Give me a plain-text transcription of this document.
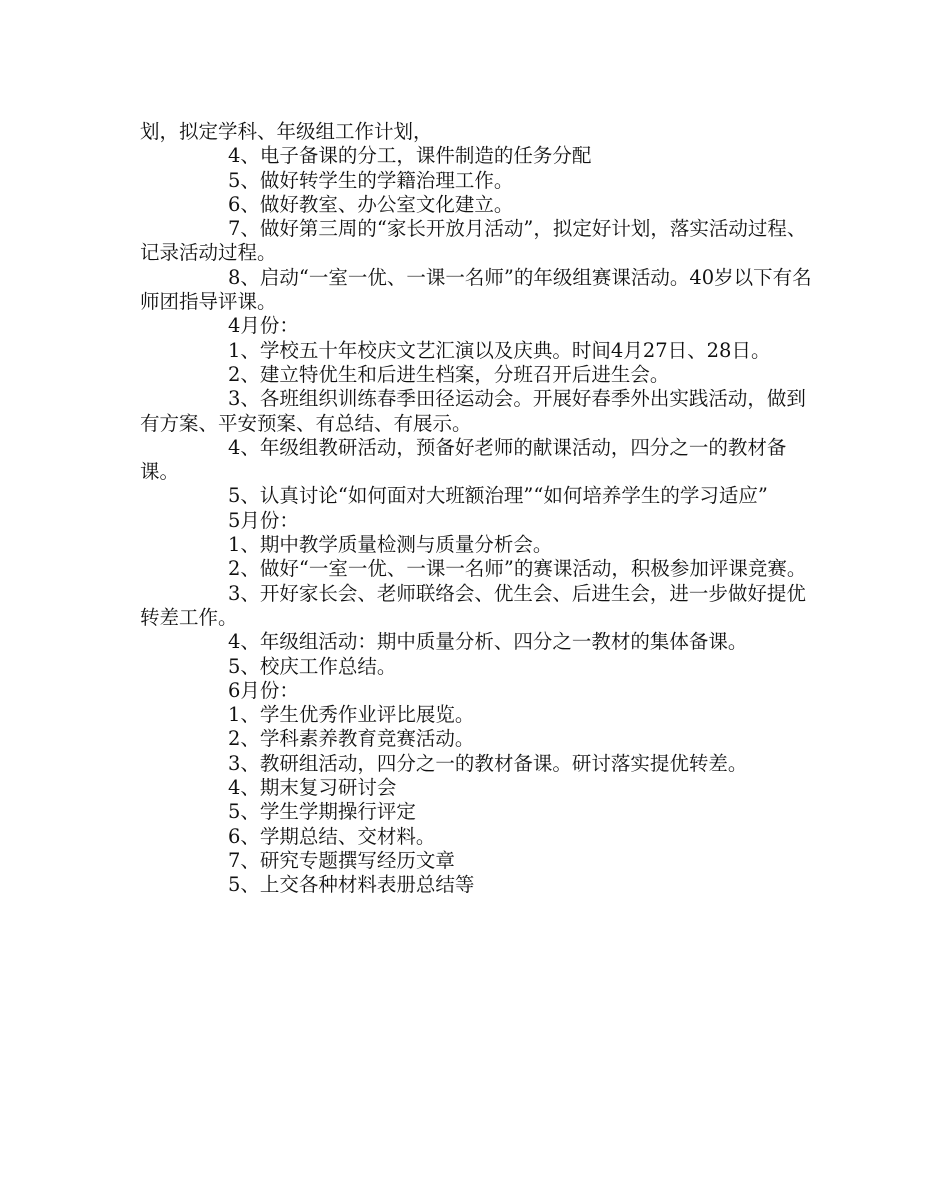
划，拟定学科、年级组工作计划，

4、电子备课的分工，课件制造的任务分配

5、做好转学生的学籍治理工作。

6、做好教室、办公室文化建立。

7、做好第三周的“家长开放月活动”，拟定好计划，落实活动过程、记录活动过程。

8、启动“一室一优、一课一名师”的年级组赛课活动。40岁以下有名师团指导评课。

4月份：

1、学校五十年校庆文艺汇演以及庆典。时间4月27日、28日。

2、建立特优生和后进生档案，分班召开后进生会。

3、各班组织训练春季田径运动会。开展好春季外出实践活动，做到有方案、平安预案、有总结、有展示。

4、年级组教研活动，预备好老师的献课活动，四分之一的教材备课。

5、认真讨论“如何面对大班额治理”“如何培养学生的学习适应”

5月份：

1、期中教学质量检测与质量分析会。

2、做好“一室一优、一课一名师”的赛课活动，积极参加评课竞赛。

3、开好家长会、老师联络会、优生会、后进生会，进一步做好提优转差工作。

4、年级组活动：期中质量分析、四分之一教材的集体备课。

5、校庆工作总结。

6月份：

1、学生优秀作业评比展览。

2、学科素养教育竞赛活动。

3、教研组活动，四分之一的教材备课。研讨落实提优转差。

4、期末复习研讨会

5、学生学期操行评定

6、学期总结、交材料。

7、研究专题撰写经历文章

5、上交各种材料表册总结等
